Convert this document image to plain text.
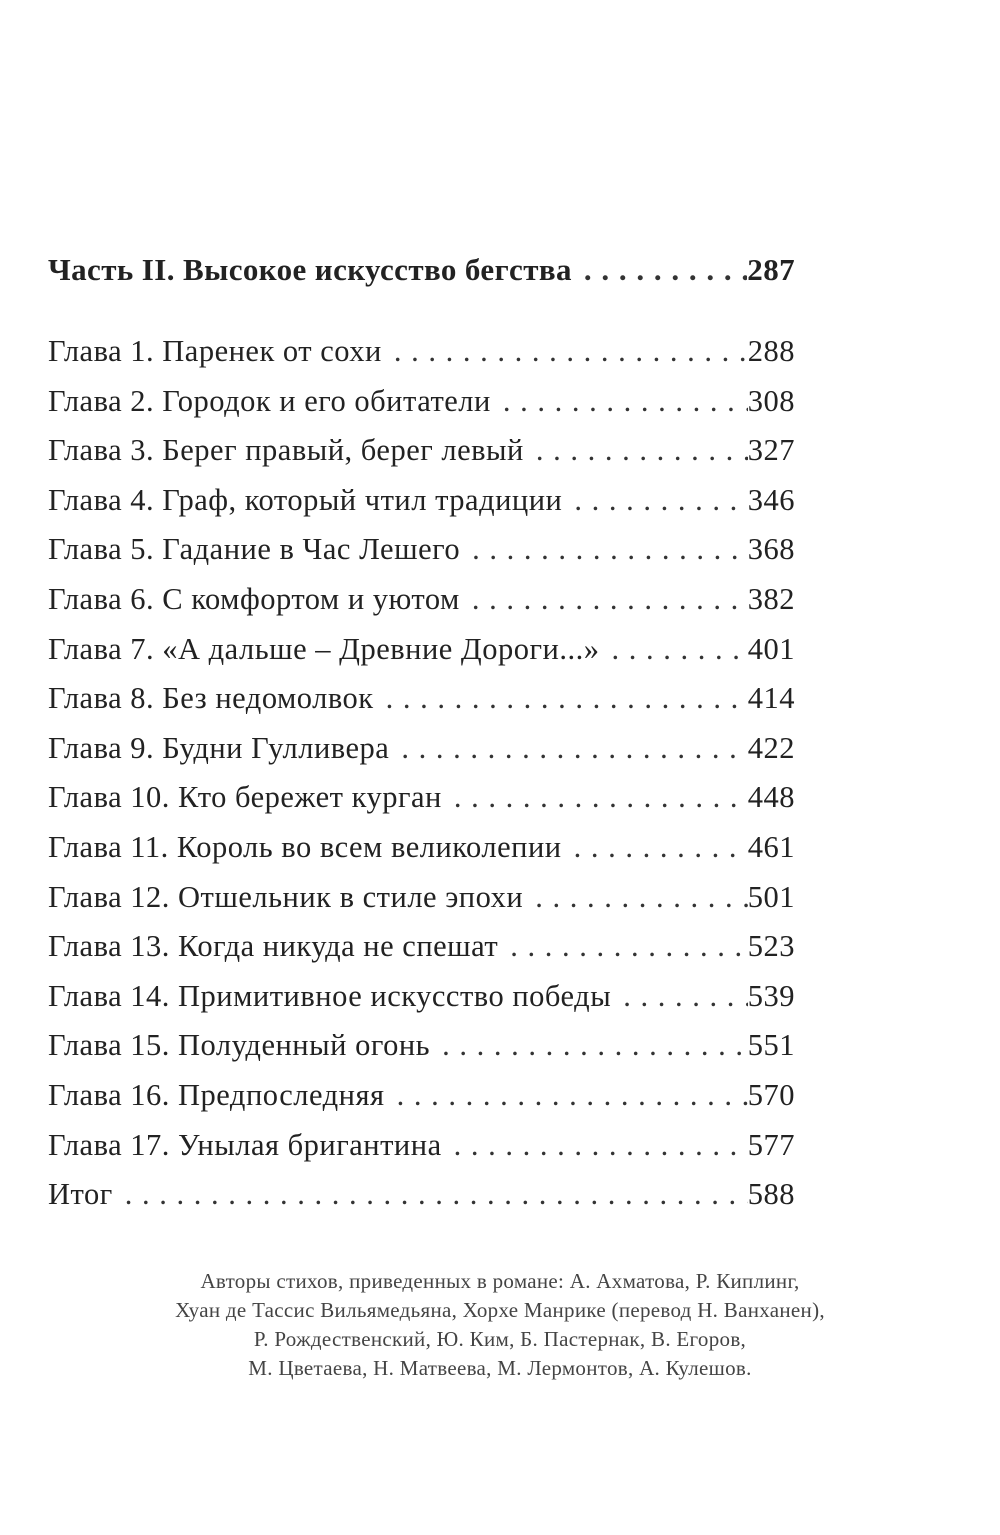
Часть II. Высокое искусство бегства . . .	287
Глава 1. Паренек от сохи . . .	288
Глава 2. Городок и его обитатели . . .	308
Глава 3. Берег правый, берег левый . . .	327
Глава 4. Граф, который чтил традиции . . .	346
Глава 5. Гадание в Час Лешего . . .	368
Глава 6. С комфортом и уютом . . .	382
Глава 7. «А дальше – Древние Дороги...» . . .	401
Глава 8. Без недомолвок . . .	414
Глава 9. Будни Гулливера . . .	422
Глава 10. Кто бережет курган . . .	448
Глава 11. Король во всем великолепии . . .	461
Глава 12. Отшельник в стиле эпохи . . .	501
Глава 13. Когда никуда не спешат . . .	523
Глава 14. Примитивное искусство победы . . .	539
Глава 15. Полуденный огонь . . .	551
Глава 16. Предпоследняя . . .	570
Глава 17. Унылая бригантина . . .	577
Итог . . .	588
Авторы стихов, приведенных в романе: А. Ахматова, Р. Киплинг,
Хуан де Тассис Вильямедьяна, Хорхе Манрике (перевод Н. Ванханен),
Р. Рождественский, Ю. Ким, Б. Пастернак, В. Егоров,
М. Цветаева, Н. Матвеева, М. Лермонтов, А. Кулешов.
